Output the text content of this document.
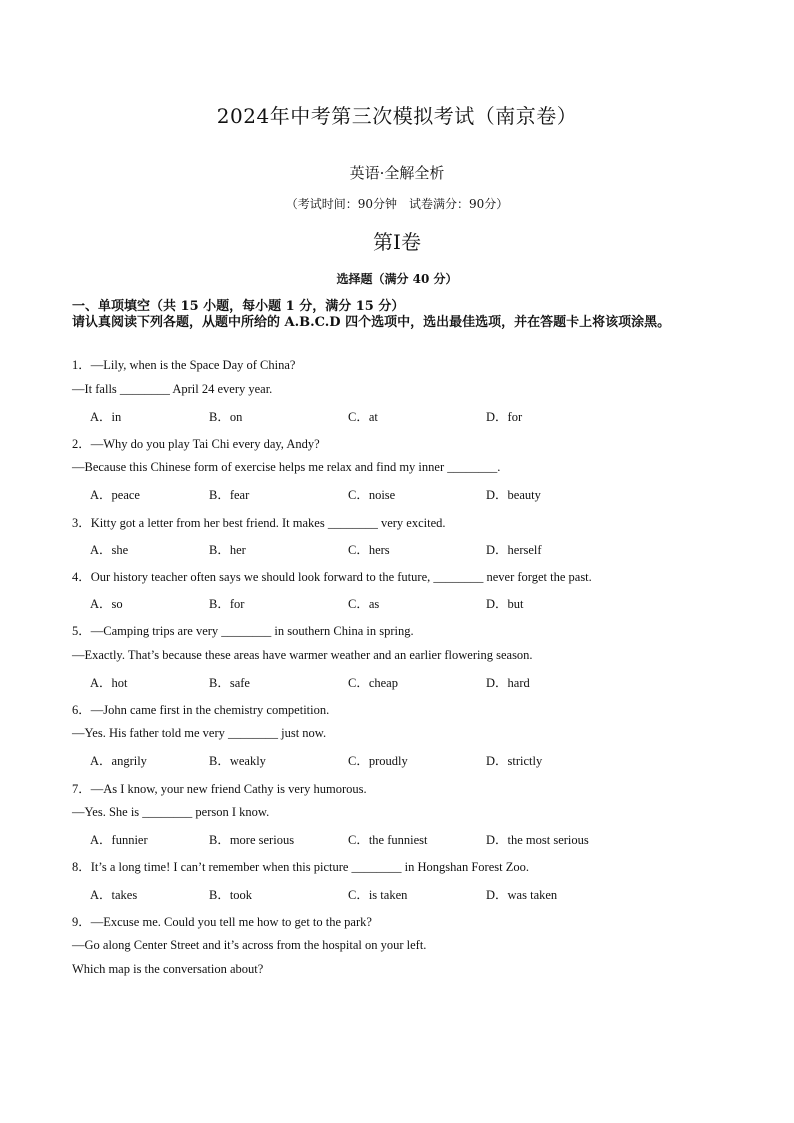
2024年中考第三次模拟考试（南京卷）
英语·全解全析
（考试时间：90分钟　试卷满分：90分）
第Ⅰ卷
选择题（满分 40 分）
一、单项填空（共 15 小题，每小题 1 分，满分 15 分）
请认真阅读下列各题，从题中所给的 A.B.C.D 四个选项中，选出最佳选项，并在答题卡上将该项涂黑。
1．—Lily, when is the Space Day of China?
—It falls ________ April 24 every year.
A．in	B．on	C．at	D．for
2．—Why do you play Tai Chi every day, Andy?
—Because this Chinese form of exercise helps me relax and find my inner ________.
A．peace	B．fear	C．noise	D．beauty
3．Kitty got a letter from her best friend. It makes ________ very excited.
A．she	B．her	C．hers	D．herself
4．Our history teacher often says we should look forward to the future, ________ never forget the past.
A．so	B．for	C．as	D．but
5．—Camping trips are very ________ in southern China in spring.
—Exactly. That’s because these areas have warmer weather and an earlier flowering season.
A．hot	B．safe	C．cheap	D．hard
6．—John came first in the chemistry competition.
—Yes. His father told me very ________ just now.
A．angrily	B．weakly	C．proudly	D．strictly
7．—As I know, your new friend Cathy is very humorous.
—Yes. She is ________ person I know.
A．funnier	B．more serious	C．the funniest	D．the most serious
8．It’s a long time! I can’t remember when this picture ________ in Hongshan Forest Zoo.
A．takes	B．took	C．is taken	D．was taken
9．—Excuse me. Could you tell me how to get to the park?
—Go along Center Street and it’s across from the hospital on your left.
Which map is the conversation about?
